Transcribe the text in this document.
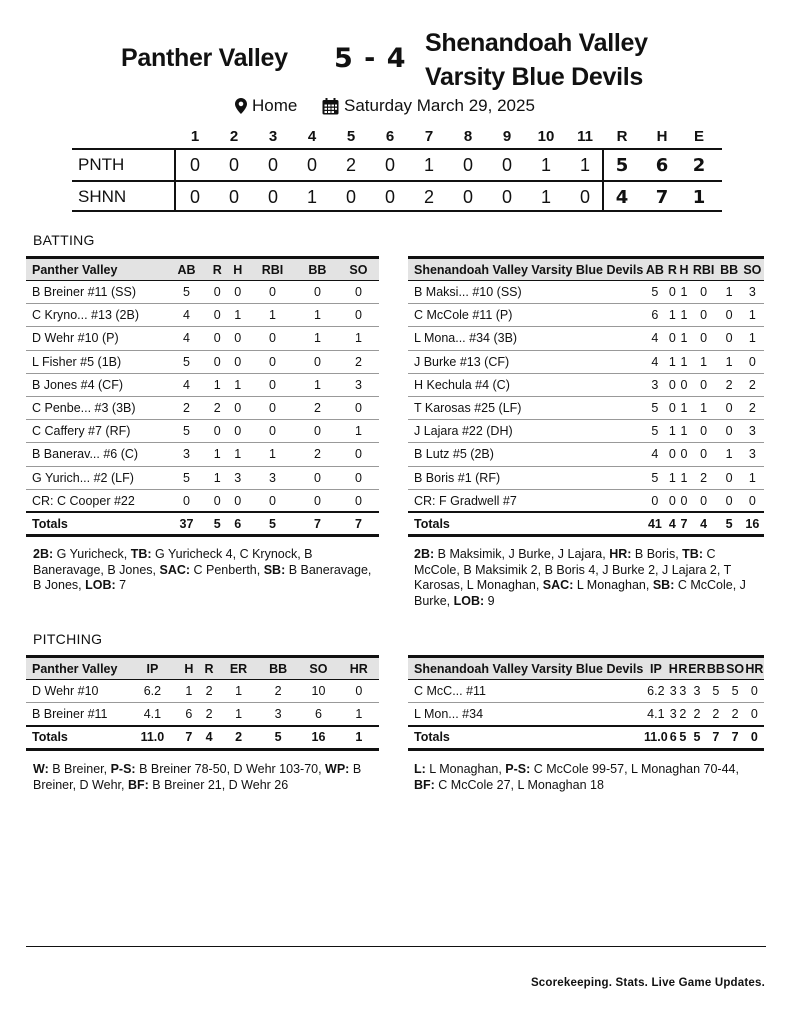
Panther Valley 5 - 4 Shenandoah Valley
Varsity Blue Devils
Home	Saturday March 29, 2025
1	2	3	4	5	6	7	8	9	10	11	R	H	E
PNTH	0	0	0	0	2	0	1	0	0	1	1	5	6	2
SHNN	0	0	0	1	0	0	2	0	0	1	0	4	7	1
BATTING
Panther Valley	AB	R	H	RBI	BB	SO
B Breiner #11 (SS)	5	0	0	0	0	0
C Kryno... #13 (2B)	4	0	1	1	1	0
D Wehr #10 (P)	4	0	0	0	1	1
L Fisher #5 (1B)	5	0	0	0	0	2
B Jones #4 (CF)	4	1	1	0	1	3
C Penbe... #3 (3B)	2	2	0	0	2	0
C Caffery #7 (RF)	5	0	0	0	0	1
B Banerav... #6 (C)	3	1	1	1	2	0
G Yurich... #2 (LF)	5	1	3	3	0	0
CR: C Cooper #22	0	0	0	0	0	0
Totals	37	5	6	5	7	7
Shenandoah Valley Varsity Blue Devils	AB	R	H	RBI	BB	SO
B Maksi... #10 (SS)	5	0	1	0	1	3
C McCole #11 (P)	6	1	1	0	0	1
L Mona... #34 (3B)	4	0	1	0	0	1
J Burke #13 (CF)	4	1	1	1	1	0
H Kechula #4 (C)	3	0	0	0	2	2
T Karosas #25 (LF)	5	0	1	1	0	2
J Lajara #22 (DH)	5	1	1	0	0	3
B Lutz #5 (2B)	4	0	0	0	1	3
B Boris #1 (RF)	5	1	1	2	0	1
CR: F Gradwell #7	0	0	0	0	0	0
Totals	41	4	7	4	5	16
2B: G Yuricheck, TB: G Yuricheck 4, C Krynock, B Baneravage, B Jones, SAC: C Penberth, SB: B Baneravage, B Jones, LOB: 7
2B: B Maksimik, J Burke, J Lajara, HR: B Boris, TB: C McCole, B Maksimik 2, B Boris 4, J Burke 2, J Lajara 2, T Karosas, L Monaghan, SAC: L Monaghan, SB: C McCole, J Burke, LOB: 9
PITCHING
Panther Valley	IP	H	R	ER	BB	SO	HR
D Wehr #10	6.2	1	2	1	2	10	0
B Breiner #11	4.1	6	2	1	3	6	1
Totals	11.0	7	4	2	5	16	1
Shenandoah Valley Varsity Blue Devils	IP	H	R	ER	BB	SO	HR
C McC... #11	6.2	3	3	3	5	5	0
L Mon... #34	4.1	3	2	2	2	2	0
Totals	11.0	6	5	5	7	7	0
W: B Breiner, P-S: B Breiner 78-50, D Wehr 103-70, WP: B Breiner, D Wehr, BF: B Breiner 21, D Wehr 26
L: L Monaghan, P-S: C McCole 99-57, L Monaghan 70-44, BF: C McCole 27, L Monaghan 18
Scorekeeping. Stats. Live Game Updates.
